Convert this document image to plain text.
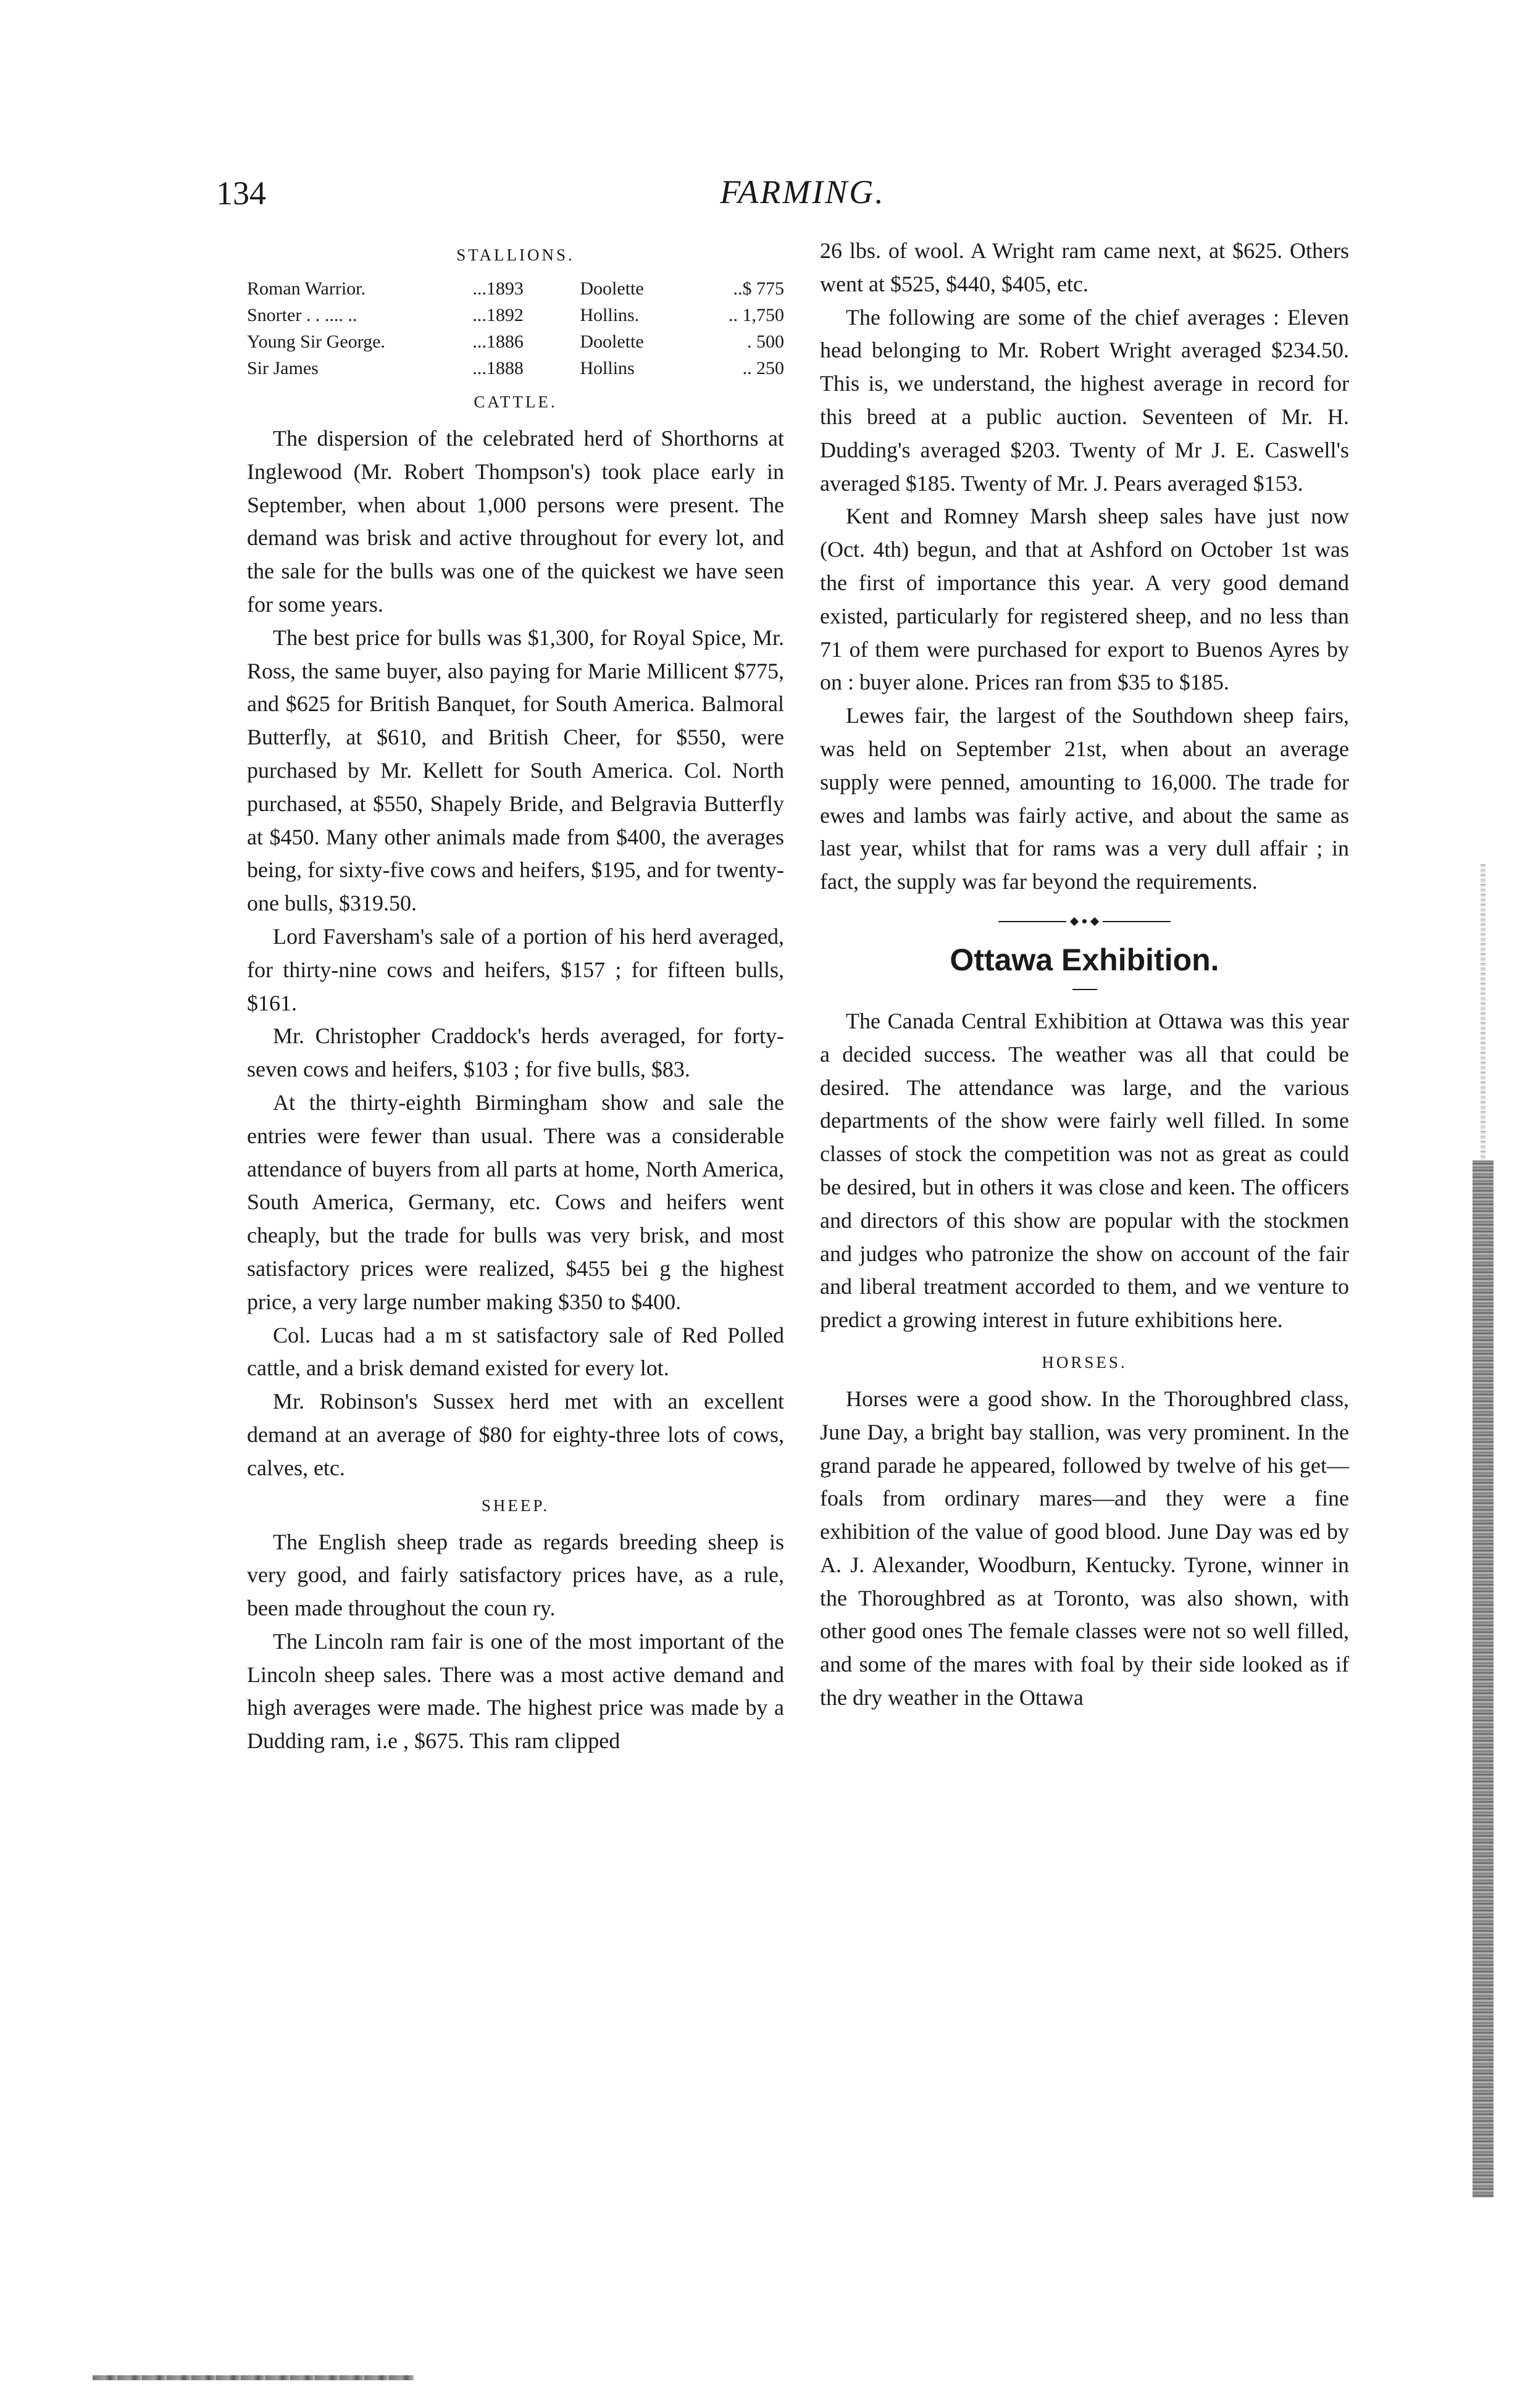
134	FARMING.
STALLIONS.
Roman Warrior.	...1893	Doolette	..$ 775
Snorter . . .... ..	...1892	Hollins.	.. 1,750
Young Sir George.	...1886	Doolette	. 500
Sir James	...1888	Hollins	.. 250
CATTLE.

The dispersion of the celebrated herd of Shorthorns at Inglewood (Mr. Robert Thompson's) took place early in September, when about 1,000 persons were present. The demand was brisk and active throughout for every lot, and the sale for the bulls was one of the quickest we have seen for some years.

The best price for bulls was $1,300, for Royal Spice, Mr. Ross, the same buyer, also paying for Marie Millicent $775, and $625 for British Banquet, for South America. Balmoral Butterfly, at $610, and British Cheer, for $550, were purchased by Mr. Kellett for South America. Col. North purchased, at $550, Shapely Bride, and Belgravia Butterfly at $450. Many other animals made from $400, the averages being, for sixty-five cows and heifers, $195, and for twenty-one bulls, $319.50.

Lord Faversham's sale of a portion of his herd averaged, for thirty-nine cows and heifers, $157 ; for fifteen bulls, $161.

Mr. Christopher Craddock's herds averaged, for forty-seven cows and heifers, $103 ; for five bulls, $83.

At the thirty-eighth Birmingham show and sale the entries were fewer than usual. There was a considerable attendance of buyers from all parts at home, North America, South America, Germany, etc. Cows and heifers went cheaply, but the trade for bulls was very brisk, and most satisfactory prices were realized, $455 bei g the highest price, a very large number making $350 to $400.

Col. Lucas had a m st satisfactory sale of Red Polled cattle, and a brisk demand existed for every lot.

Mr. Robinson's Sussex herd met with an excellent demand at an average of $80 for eighty-three lots of cows, calves, etc.

SHEEP.

The English sheep trade as regards breeding sheep is very good, and fairly satisfactory prices have, as a rule, been made throughout the coun ry.

The Lincoln ram fair is one of the most important of the Lincoln sheep sales. There was a most active demand and high averages were made. The highest price was made by a Dudding ram, i.e , $675. This ram clipped

26 lbs. of wool. A Wright ram came next, at $625. Others went at $525, $440, $405, etc.

The following are some of the chief averages : Eleven head belonging to Mr. Robert Wright averaged $234.50. This is, we understand, the highest average in record for this breed at a public auction. Seventeen of Mr. H. Dudding's averaged $203. Twenty of Mr J. E. Caswell's averaged $185. Twenty of Mr. J. Pears averaged $153.

Kent and Romney Marsh sheep sales have just now (Oct. 4th) begun, and that at Ashford on October 1st was the first of importance this year. A very good demand existed, particularly for registered sheep, and no less than 71 of them were purchased for export to Buenos Ayres by on : buyer alone. Prices ran from $35 to $185.

Lewes fair, the largest of the Southdown sheep fairs, was held on September 21st, when about an average supply were penned, amounting to 16,000. The trade for ewes and lambs was fairly active, and about the same as last year, whilst that for rams was a very dull affair ; in fact, the supply was far beyond the requirements.

Ottawa Exhibition.

The Canada Central Exhibition at Ottawa was this year a decided success. The weather was all that could be desired. The attendance was large, and the various departments of the show were fairly well filled. In some classes of stock the competition was not as great as could be desired, but in others it was close and keen. The officers and directors of this show are popular with the stockmen and judges who patronize the show on account of the fair and liberal treatment accorded to them, and we venture to predict a growing interest in future exhibitions here.

HORSES.

Horses were a good show. In the Thoroughbred class, June Day, a bright bay stallion, was very prominent. In the grand parade he appeared, followed by twelve of his get—foals from ordinary mares—and they were a fine exhibition of the value of good blood. June Day was ed by A. J. Alexander, Woodburn, Kentucky. Tyrone, winner in the Thoroughbred as at Toronto, was also shown, with other good ones The female classes were not so well filled, and some of the mares with foal by their side looked as if the dry weather in the Ottawa
